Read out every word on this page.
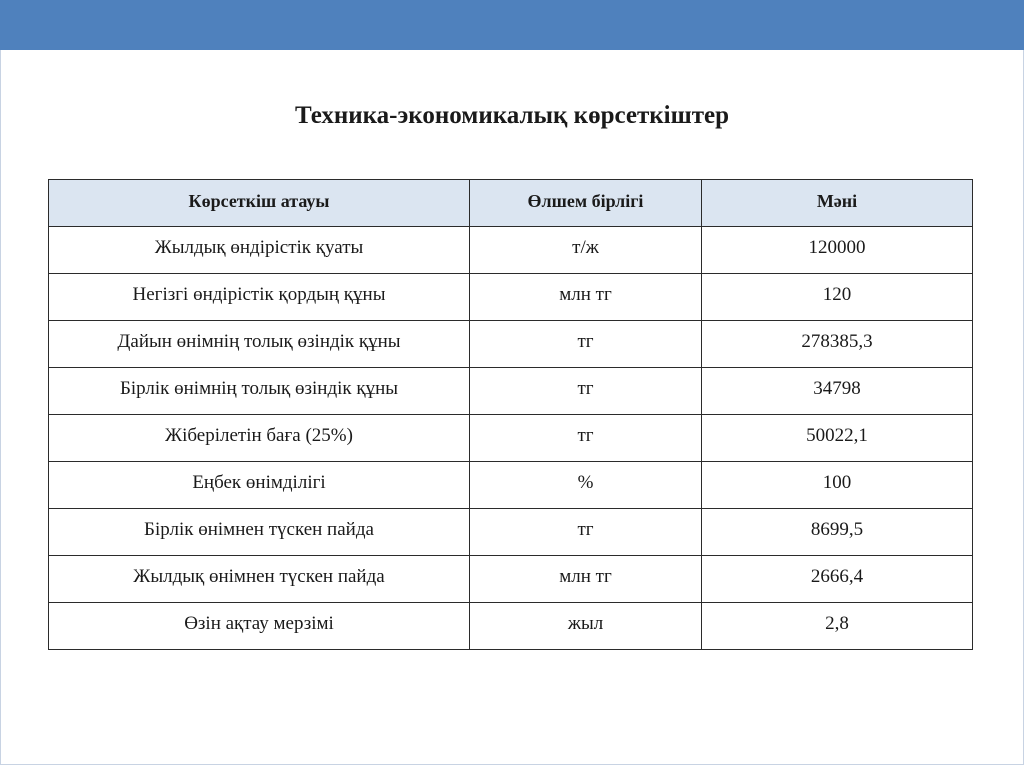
Техника-экономикалық көрсеткіштер
Көрсеткіш атауы	Өлшем бірлігі	Мәні
Жылдық өндірістік қуаты	т/ж	120000
Негізгі өндірістік қордың құны	млн тг	120
Дайын өнімнің толық өзіндік құны	тг	278385,3
Бірлік өнімнің толық өзіндік құны	тг	34798
Жіберілетін баға (25%)	тг	50022,1
Еңбек өнімділігі	%	100
Бірлік өнімнен түскен пайда	тг	8699,5
Жылдық өнімнен түскен пайда	млн тг	2666,4
Өзін ақтау мерзімі	жыл	2,8
